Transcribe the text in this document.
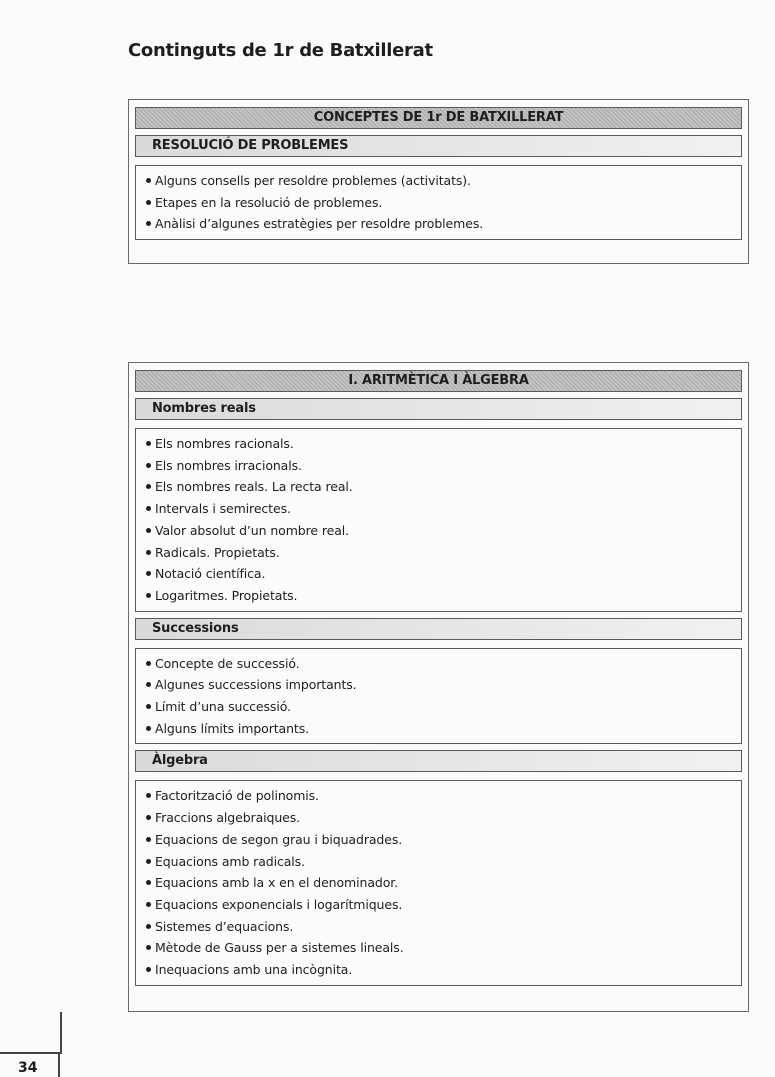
Continguts de 1r de Batxillerat
CONCEPTES DE 1r DE BATXILLERAT
RESOLUCIÓ DE PROBLEMES
Alguns consells per resoldre problemes (activitats).
Etapes en la resolució de problemes.
Anàlisi d’algunes estratègies per resoldre problemes.
I. ARITMÈTICA I ÀLGEBRA
Nombres reals
Els nombres racionals.
Els nombres irracionals.
Els nombres reals. La recta real.
Intervals i semirectes.
Valor absolut d’un nombre real.
Radicals. Propietats.
Notació científica.
Logaritmes. Propietats.
Successions
Concepte de successió.
Algunes successions importants.
Límit d’una successió.
Alguns límits importants.
Àlgebra
Factorització de polinomis.
Fraccions algebraiques.
Equacions de segon grau i biquadrades.
Equacions amb radicals.
Equacions amb la x en el denominador.
Equacions exponencials i logarítmiques.
Sistemes d’equacions.
Mètode de Gauss per a sistemes lineals.
Inequacions amb una incògnita.
34
